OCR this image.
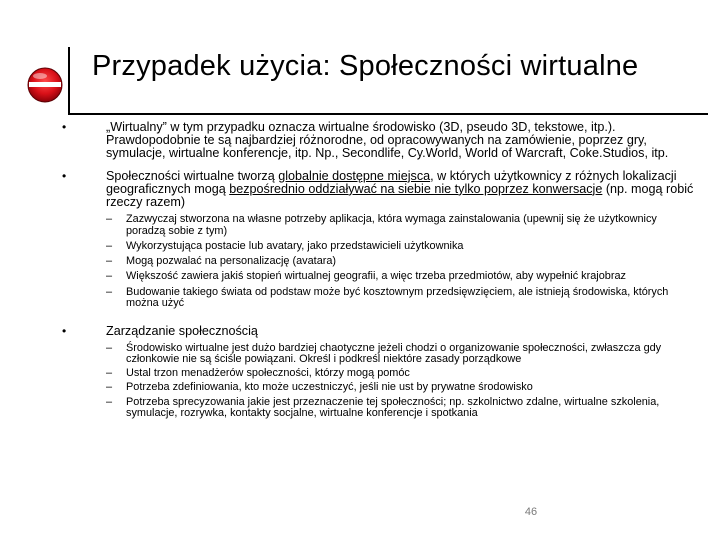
Przypadek użycia: Społeczności wirtualne
•	„Wirtualny” w tym przypadku oznacza wirtualne środowisko (3D, pseudo 3D, tekstowe, itp.). Prawdopodobnie te są najbardziej różnorodne, od opracowywanych na zamówienie, poprzez gry, symulacje, wirtualne konferencje, itp. Np., Secondlife, Cy.World, World of Warcraft, Coke.Studios, itp.
•	Społeczności wirtualne tworzą globalnie dostępne miejsca, w których użytkownicy z różnych lokalizacji geograficznych mogą bezpośrednio oddziaływać na siebie nie tylko poprzez konwersacje (np. mogą robić rzeczy razem)
– Zazwyczaj stworzona na własne potrzeby aplikacja, która wymaga zainstalowania (upewnij się że użytkownicy poradzą sobie z tym)
– Wykorzystująca postacie lub avatary, jako przedstawicieli użytkownika
– Mogą pozwalać na personalizację (avatara)
– Większość zawiera jakiś stopień wirtualnej geografii, a więc trzeba przedmiotów, aby wypełnić krajobraz
– Budowanie takiego świata od podstaw może być kosztownym przedsięwzięciem, ale istnieją środowiska, których można użyć
•	Zarządzanie społecznością
– Środowisko wirtualne jest dużo bardziej chaotyczne jeżeli chodzi o organizowanie społeczności, zwłaszcza gdy członkowie nie są ściśle powiązani. Określ i podkreśl niektóre zasady porządkowe
– Ustal trzon menadżerów społeczności, którzy mogą pomóc
– Potrzeba zdefiniowania, kto może uczestniczyć, jeśli nie ust by prywatne środowisko
– Potrzeba sprecyzowania jakie jest przeznaczenie tej społeczności; np. szkolnictwo zdalne, wirtualne szkolenia, symulacje, rozrywka, kontakty socjalne, wirtualne konferencje i spotkania
46
